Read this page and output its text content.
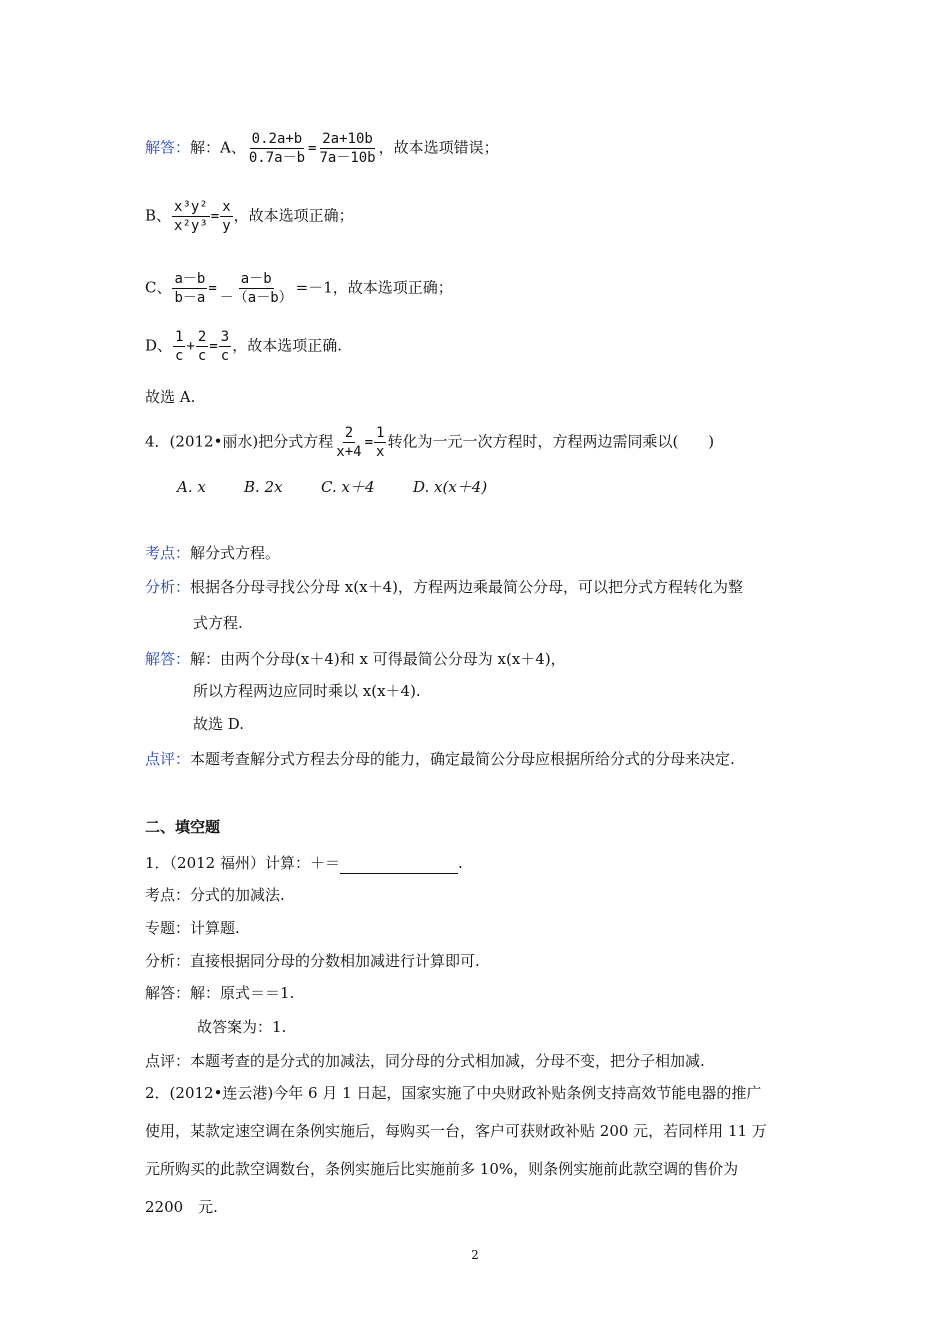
解答：解：A、 $\frac{0.2a+b}{0.7a-b} = \frac{2a+10b}{7a-10b}$ ，故本选项错误；
B、 $\frac{\text{x³y²}}{\text{x²y³}} = \frac{x}{y}$ ，故本选项正确；
C、 $\frac{a-b}{b-a} = \frac{a-b}{-(a-b)} =-1$，故本选项正确；
D、 $\frac{1}{c} + \frac{2}{c} = \frac{3}{c}$ ，故本选项正确.
故选 A.
4．(2012•丽水)把分式方程 $\frac{2}{x+4} = \frac{1}{x}$ 转化为一元一次方程时，方程两边需同乘以(　　)
A. x	B. 2x	C. x＋4	D. x(x＋4)
考点：解分式方程。
分析：根据各分母寻找公分母 x(x＋4)，方程两边乘最简公分母，可以把分式方程转化为整
式方程.
解答：解：由两个分母(x＋4)和 x 可得最简公分母为 x(x＋4)，
所以方程两边应同时乘以 x(x＋4).
故选 D.
点评：本题考查解分式方程去分母的能力，确定最简公分母应根据所给分式的分母来决定.
二、填空题
1．（2012 福州）计算：＋＝	.
考点：分式的加减法.
专题：计算题.
分析：直接根据同分母的分数相加减进行计算即可.
解答：解：原式＝＝1.
故答案为：1.
点评：本题考查的是分式的加减法，同分母的分式相加减，分母不变，把分子相加减.
2．(2012•连云港)今年 6 月 1 日起，国家实施了中央财政补贴条例支持高效节能电器的推广
使用，某款定速空调在条例实施后，每购买一台，客户可获财政补贴 200 元，若同样用 11 万
元所购买的此款空调数台，条例实施后比实施前多 10%，则条例实施前此款空调的售价为
2200　元.
2
